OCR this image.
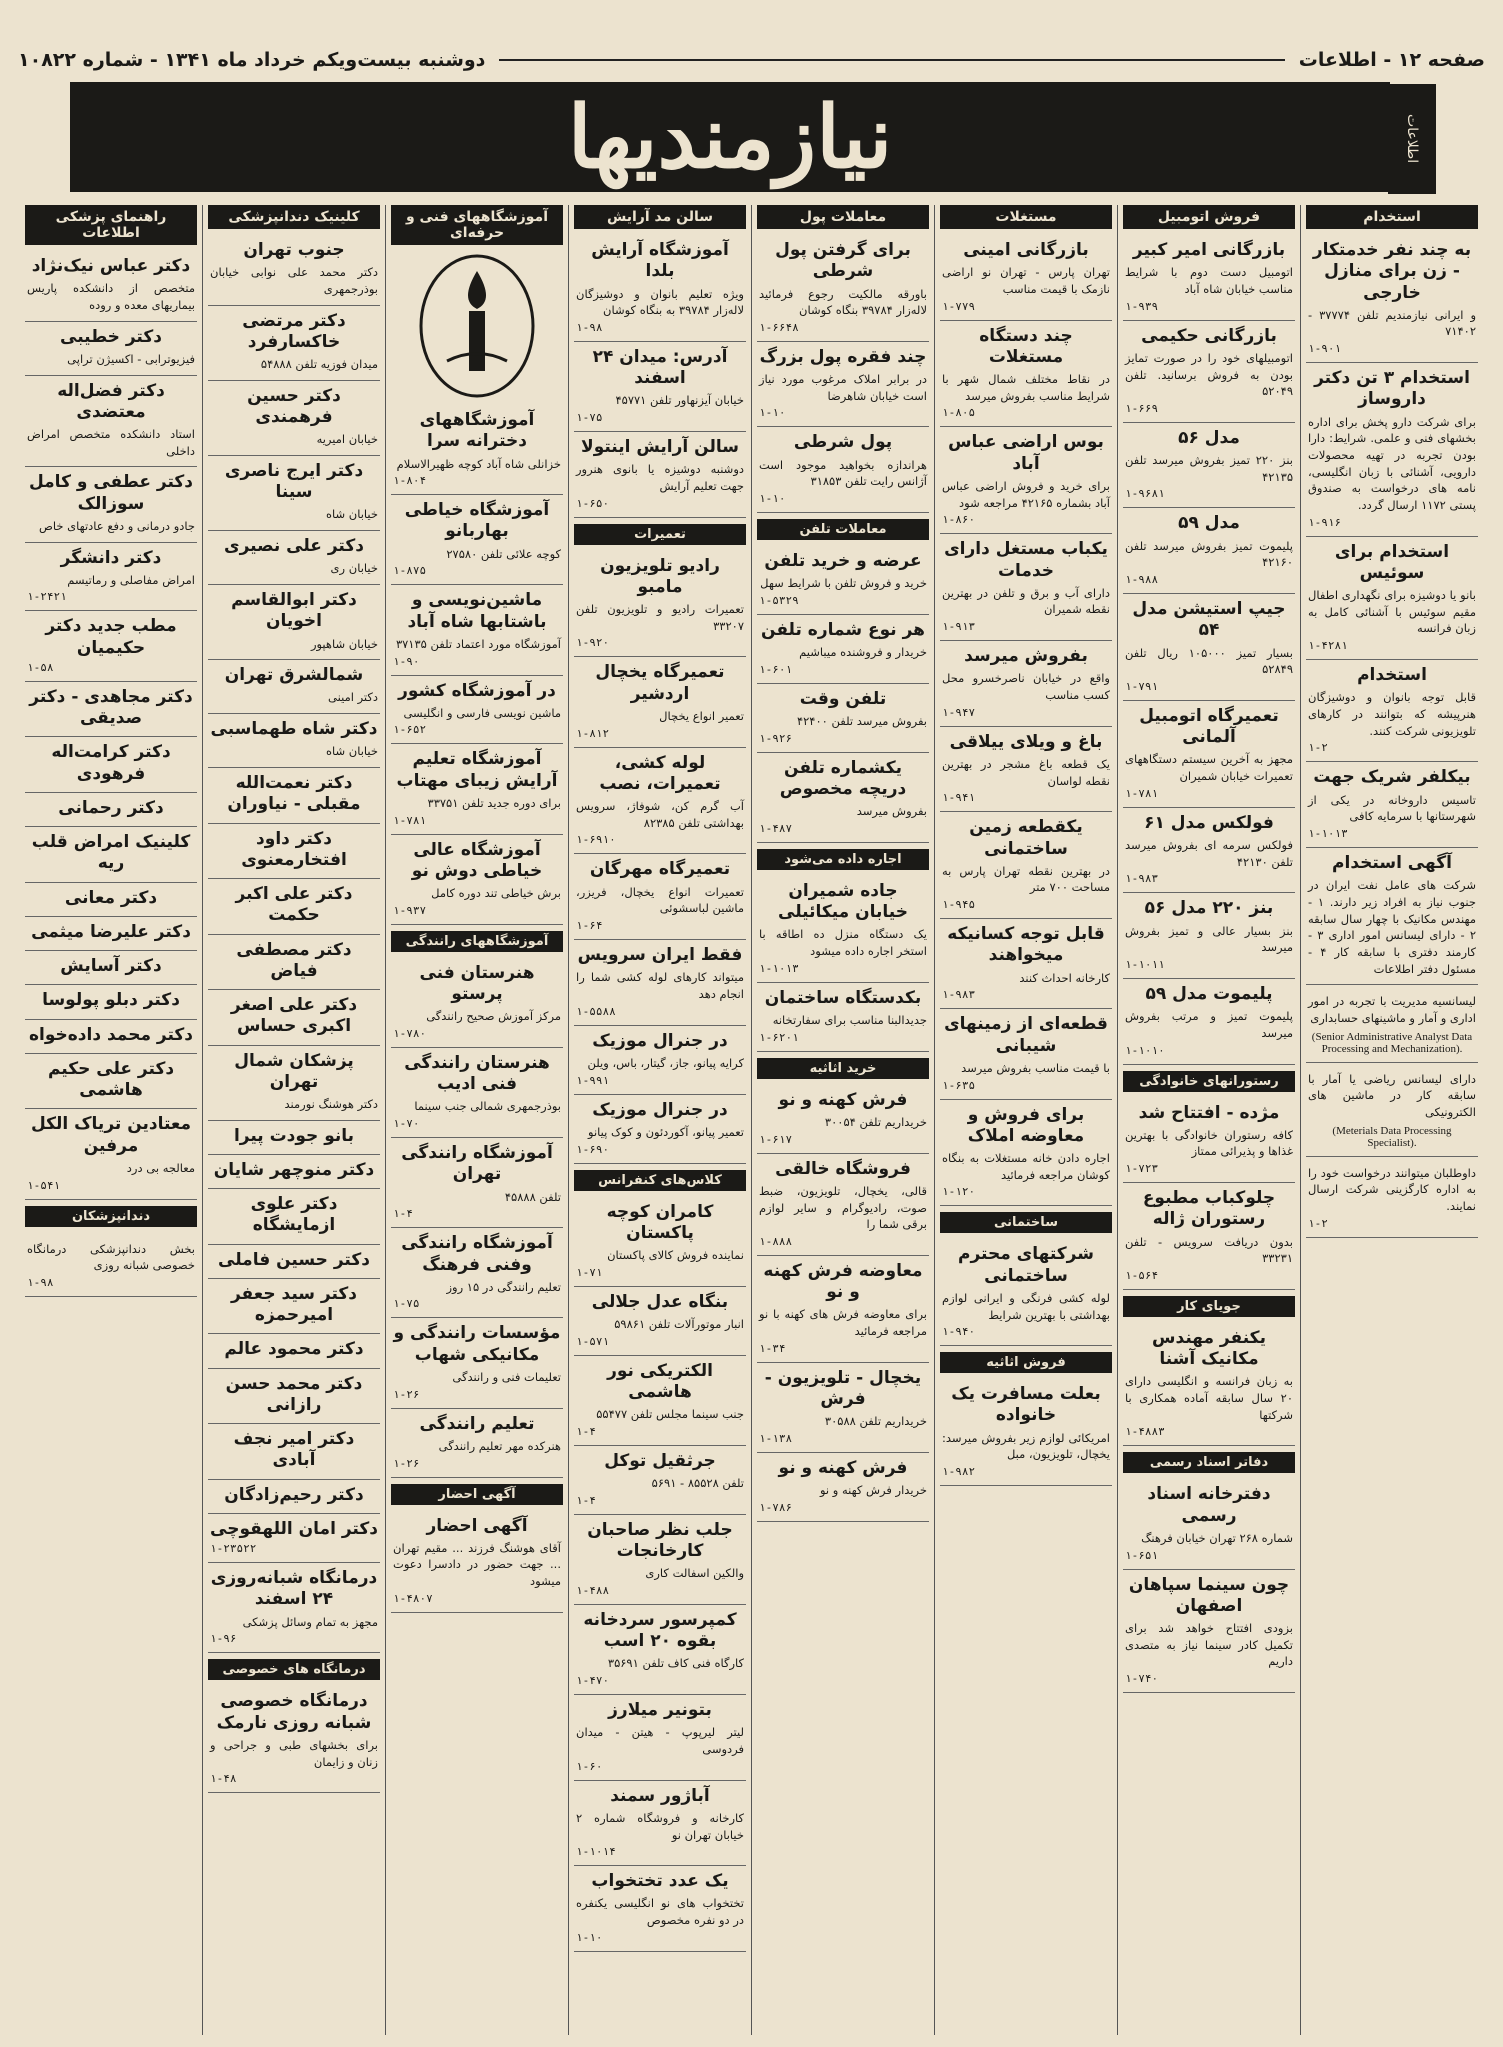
صفحه ۱۲ - اطلاعات
دوشنبه بیست‌ویکم خرداد ماه ۱۳۴۱ - شماره ۱۰۸۲۲
نیازمندیها	اطلاعات
استخدام
به چند نفر خدمتکار - زن برای منازل خارجی
و ایرانی نیازمندیم تلفن ۳۷۷۷۴ - ۷۱۴۰۲
۱-۹۰۱
استخدام ۳ تن دکتر داروساز
برای شرکت دارو پخش برای اداره بخشهای فنی و علمی. شرایط: دارا بودن تجربه در تهیه محصولات دارویی، آشنائی با زبان انگلیسی، نامه های درخواست به صندوق پستی ۱۱۷۲ ارسال گردد.
۱-۹۱۶
استخدام برای سوئیس
بانو یا دوشیزه برای نگهداری اطفال مقیم سوئیس با آشنائی کامل به زبان فرانسه
۱-۴۲۸۱
استخدام
قابل توجه بانوان و دوشیزگان هنرپیشه که بتوانند در کارهای تلویزیونی شرکت کنند.
۱-۲
بیکلفر شریک جهت
تاسیس داروخانه در یکی از شهرستانها با سرمایه کافی
۱-۱۰۱۳
آگهی استخدام
شرکت های عامل نفت ایران در جنوب نیاز به افراد زیر دارند. ۱ - مهندس مکانیک با چهار سال سابقه ۲ - دارای لیسانس امور اداری ۳ - کارمند دفتری با سابقه کار ۴ - مسئول دفتر اطلاعات
لیسانسیه مدیریت با تجربه در امور اداری و آمار و ماشینهای حسابداری
(Senior Administrative Analyst Data Processing and Mechanization).
دارای لیسانس ریاضی یا آمار با سابقه کار در ماشین های الکترونیکی
(Meterials Data Processing Specialist).
داوطلبان میتوانند درخواست خود را به اداره کارگزینی شرکت ارسال نمایند.
۱-۲
فروش اتومبیل
بازرگانی امیر کبیر
اتومبیل دست دوم با شرایط مناسب خیابان شاه آباد
۱-۹۳۹
بازرگانی حکیمی
اتومبیلهای خود را در صورت تمایز بودن به فروش برسانید. تلفن ۵۲۰۴۹
۱-۶۶۹
مدل ۵۶
بنز ۲۲۰ تمیز بفروش میرسد تلفن ۴۲۱۳۵
۱-۹۶۸۱
مدل ۵۹
پلیموت تمیز بفروش میرسد تلفن ۴۲۱۶۰
۱-۹۸۸
جیپ استیشن مدل ۵۴
بسیار تمیز ۱۰۵۰۰۰ ریال تلفن ۵۲۸۴۹
۱-۷۹۱
تعمیرگاه اتومبیل آلمانی
مجهز به آخرین سیستم دستگاههای تعمیرات خیابان شمیران
۱-۷۸۱
فولکس مدل ۶۱
فولکس سرمه ای بفروش میرسد تلفن ۴۲۱۳۰
۱-۹۸۳
بنز ۲۲۰ مدل ۵۶
بنز بسیار عالی و تمیز بفروش میرسد
۱-۱۰۱۱
پلیموت مدل ۵۹
پلیموت تمیز و مرتب بفروش میرسد
۱-۱۰۱۰
رستورانهای خانوادگی
مژده - افتتاح شد
کافه رستوران خانوادگی با بهترین غذاها و پذیرائی ممتاز
۱-۷۲۳
چلوکباب مطبوع رستوران ژاله
بدون دریافت سرویس - تلفن ۳۳۲۳۱
۱-۵۶۴
جویای کار
یکنفر مهندس مکانیک آشنا
به زبان فرانسه و انگلیسی دارای ۲۰ سال سابقه آماده همکاری با شرکتها
۱-۴۸۸۳
دفاتر اسناد رسمی
دفترخانه اسناد رسمی
شماره ۲۶۸ تهران خیابان فرهنگ
۱-۶۵۱
چون سینما سپاهان اصفهان
بزودی افتتاح خواهد شد برای تکمیل کادر سینما نیاز به متصدی داریم
۱-۷۴۰
مستغلات
بازرگانی امینی
تهران پارس - تهران نو اراضی نازمک با قیمت مناسب
۱-۷۷۹
چند دستگاه مستغلات
در نقاط مختلف شمال شهر با شرایط مناسب بفروش میرسد
۱-۸۰۵
بوس اراضی عباس آباد
برای خرید و فروش اراضی عباس آباد بشماره ۴۲۱۶۵ مراجعه شود
۱-۸۶۰
یکباب مستغل دارای خدمات
دارای آب و برق و تلفن در بهترین نقطه شمیران
۱-۹۱۳
بفروش میرسد
واقع در خیابان ناصرخسرو محل کسب مناسب
۱-۹۴۷
باغ و ویلای ییلاقی
یک قطعه باغ مشجر در بهترین نقطه لواسان
۱-۹۴۱
یکقطعه زمین ساختمانی
در بهترین نقطه تهران پارس به مساحت ۷۰۰ متر
۱-۹۴۵
قابل توجه کسانیکه میخواهند
کارخانه احداث کنند
۱-۹۸۳
قطعه‌ای از زمینهای شیبانی
با قیمت مناسب بفروش میرسد
۱-۶۳۵
برای فروش و معاوضه املاک
اجاره دادن خانه مستغلات به بنگاه کوشان مراجعه فرمائید
۱-۱۲۰
ساختمانی
شرکتهای محترم ساختمانی
لوله کشی فرنگی و ایرانی لوازم بهداشتی با بهترین شرایط
۱-۹۴۰
فروش اثاثیه
بعلت مسافرت یک خانواده
امریکائی لوازم زیر بفروش میرسد: یخچال، تلویزیون، مبل
۱-۹۸۲
معاملات پول
برای گرفتن پول شرطی
باورقه مالکیت رجوع فرمائید لاله‌زار ۳۹۷۸۴ بنگاه کوشان
۱-۶۶۴۸
چند فقره پول بزرگ
در برابر املاک مرغوب مورد نیاز است خیابان شاهرضا
۱-۱۰
پول شرطی
هراندازه بخواهید موجود است آژانس رایت تلفن ۳۱۸۵۳
۱-۱۰
معاملات تلفن
عرضه و خرید تلفن
خرید و فروش تلفن با شرایط سهل
۱-۵۳۲۹
هر نوع شماره تلفن
خریدار و فروشنده میباشیم
۱-۶۰۱
تلفن وقت
بفروش میرسد تلفن ۴۲۴۰۰
۱-۹۲۶
یکشماره تلفن دریچه مخصوص
بفروش میرسد
۱-۴۸۷
اجاره داده می‌شود
جاده شمیران خیابان میکائیلی
یک دستگاه منزل ده اطاقه با استخر اجاره داده میشود
۱-۱۰۱۳
بکدستگاه ساختمان
جدیدالبنا مناسب برای سفارتخانه
۱-۶۲۰۱
خرید اثاثیه
فرش کهنه و نو
خریداریم تلفن ۳۰۰۵۴
۱-۶۱۷
فروشگاه خالقی
قالی، یخچال، تلویزیون، ضبط صوت، رادیوگرام و سایر لوازم برقی شما را
۱-۸۸۸
معاوضه فرش کهنه و نو
برای معاوضه فرش های کهنه با نو مراجعه فرمائید
۱-۳۴
یخچال - تلویزیون - فرش
خریداریم تلفن ۳۰۵۸۸
۱-۱۳۸
فرش کهنه و نو
خریدار فرش کهنه و نو
۱-۷۸۶
سالن مد آرایش
آموزشگاه آرایش بلدا
ویژه تعلیم بانوان و دوشیزگان لاله‌زار ۳۹۷۸۴ به بنگاه کوشان
۱-۹۸
آدرس: میدان ۲۴ اسفند
خیابان آیزنهاور تلفن ۴۵۷۷۱
۱-۷۵
سالن آرایش اینتولا
دوشنبه دوشیزه یا بانوی هنرور جهت تعلیم آرایش
۱-۶۵۰
تعمیرات
رادیو تلویزیون مامبو
تعمیرات رادیو و تلویزیون تلفن ۳۳۲۰۷
۱-۹۲۰
تعمیرگاه یخچال اردشیر
تعمیر انواع یخچال
۱-۸۱۲
لوله کشی، تعمیرات، نصب
آب گرم کن، شوفاژ، سرویس بهداشتی تلفن ۸۲۳۸۵
۱-۶۹۱۰
تعمیرگاه مهرگان
تعمیرات انواع یخچال، فریزر، ماشین لباسشوئی
۱-۶۴
فقط ایران سرویس
میتواند کارهای لوله کشی شما را انجام دهد
۱-۵۵۸۸
در جنرال موزیک
کرایه پیانو، جاز، گیتار، باس، ویلن
۱-۹۹۱
در جنرال موزیک
تعمیر پیانو، آکوردئون و کوک پیانو
۱-۶۹۰
کلاس‌های کنفرانس
کامران کوچه پاکستان
نماینده فروش کالای پاکستان
۱-۷۱
بنگاه عدل جلالی
انبار موتورآلات تلفن ۵۹۸۶۱
۱-۵۷۱
الکتریکی نور هاشمی
جنب سینما مجلس تلفن ۵۵۴۷۷
۱-۴
جرثقیل توکل
تلفن ۸۵۵۲۸ - ۵۶۹۱
۱-۴
جلب نظر صاحبان کارخانجات
والکین اسفالت کاری
۱-۴۸۸
کمپرسور سردخانه بقوه ۲۰ اسب
کارگاه فنی کاف تلفن ۳۵۶۹۱
۱-۴۷۰
بتونیر میلارز
لیتر لیرپوپ - هیتن - میدان فردوسی
۱-۶۰
آباژور سمند
کارخانه و فروشگاه شماره ۲ خیابان تهران نو
۱-۱۰۱۴
یک عدد تختخواب
تختخواب های نو انگلیسی یکنفره در دو نفره مخصوص
۱-۱۰
آموزشگاههای فنی و حرفه‌ای
آموزشگاههای دخترانه سرا
خزانلی شاه آباد کوچه ظهیرالاسلام
۱-۸۰۴
آموزشگاه خیاطی بهاربانو
کوچه علائی تلفن ۲۷۵۸۰
۱-۸۷۵
ماشین‌نویسی و باشتابها شاه آباد
آموزشگاه مورد اعتماد تلفن ۳۷۱۳۵
۱-۹۰
در آموزشگاه کشور
ماشین نویسی فارسی و انگلیسی
۱-۶۵۲
آموزشگاه تعلیم آرایش زیبای مهتاب
برای دوره جدید تلفن ۳۳۷۵۱
۱-۷۸۱
آموزشگاه عالی خیاطی دوش نو
برش خیاطی تند دوره کامل
۱-۹۳۷
آموزشگاههای رانندگی
هنرستان فنی پرستو
مرکز آموزش صحیح رانندگی
۱-۷۸۰
هنرستان رانندگی فنی ادیب
بوذرجمهری شمالی جنب سینما
۱-۷۰
آموزشگاه رانندگی تهران
تلفن ۴۵۸۸۸
۱-۴
آموزشگاه رانندگی وفنی فرهنگ
تعلیم رانندگی در ۱۵ روز
۱-۷۵
مؤسسات رانندگی و مکانیکی شهاب
تعلیمات فنی و رانندگی
۱-۲۶
تعلیم رانندگی
هنرکده مهر تعلیم رانندگی
۱-۲۶
آگهی احضار
آگهی احضار
آقای هوشنگ فرزند ... مقیم تهران ... جهت حضور در دادسرا دعوت میشود
۱-۴۸۰۷
کلینیک دندانپزشکی
جنوب تهران
دکتر محمد علی نوابی خیابان بوذرجمهری
دکتر مرتضی خاکسارفرد
میدان فوزیه تلفن ۵۴۸۸۸
دکتر حسین فرهمندی
خیابان امیریه
دکتر ایرج ناصری سینا
خیابان شاه
دکتر علی نصیری
خیابان ری
دکتر ابوالقاسم اخویان
خیابان شاهپور
شمالشرق تهران
دکتر امینی
دکتر شاه طهماسبی
خیابان شاه
دکتر نعمت‌الله مقبلی - نیاوران
دکتر داود افتخارمعنوی
دکتر علی اکبر حکمت
دکتر مصطفی فیاض
دکتر علی اصغر اکبری حساس
پزشکان شمال تهران
دکتر هوشنگ نورمند
بانو جودت پیرا
دکتر منوچهر شایان
دکتر علوی ازمایشگاه
دکتر حسین فاملی
دکتر سید جعفر امیرحمزه
دکتر محمود عالم
دکتر محمد حسن رازانی
دکتر امیر نجف آبادی
دکتر رحیم‌زادگان
دکتر امان اللهقوچی
۱-۲۳۵۲۲
درمانگاه شبانه‌روزی ۲۴ اسفند
مجهز به تمام وسائل پزشکی
۱-۹۶
درمانگاه های خصوصی
درمانگاه خصوصی شبانه روزی نارمک
برای بخشهای طبی و جراحی و زنان و زایمان
۱-۴۸
راهنمای پزشکی اطلاعات
دکتر عباس نیک‌نژاد
متخصص از دانشکده پاریس بیماریهای معده و روده
دکتر خطیبی
فیزیوترابی - اکسیژن تراپی
دکتر فضل‌اله معتضدی
استاد دانشکده متخصص امراض داخلی
دکتر عطفی و کامل سوزالک
جادو درمانی و دفع عادتهای خاص
دکتر دانشگر
امراض مفاصلی و رماتیسم
۱-۲۴۲۱
مطب جدید دکتر حکیمیان
۱-۵۸
دکتر مجاهدی - دکتر صدیقی
دکتر کرامت‌اله فرهودی
دکتر رحمانی
کلینیک امراض قلب ریه
دکتر معانی
دکتر علیرضا میثمی
دکتر آسایش
دکتر دبلو پولوسا
دکتر محمد داده‌خواه
دکتر علی حکیم هاشمی
معتادین تریاک الکل مرفین
معالجه بی درد
۱-۵۴۱
دندانپزشکان
بخش دندانپزشکی درمانگاه خصوصی شبانه روزی
۱-۹۸
